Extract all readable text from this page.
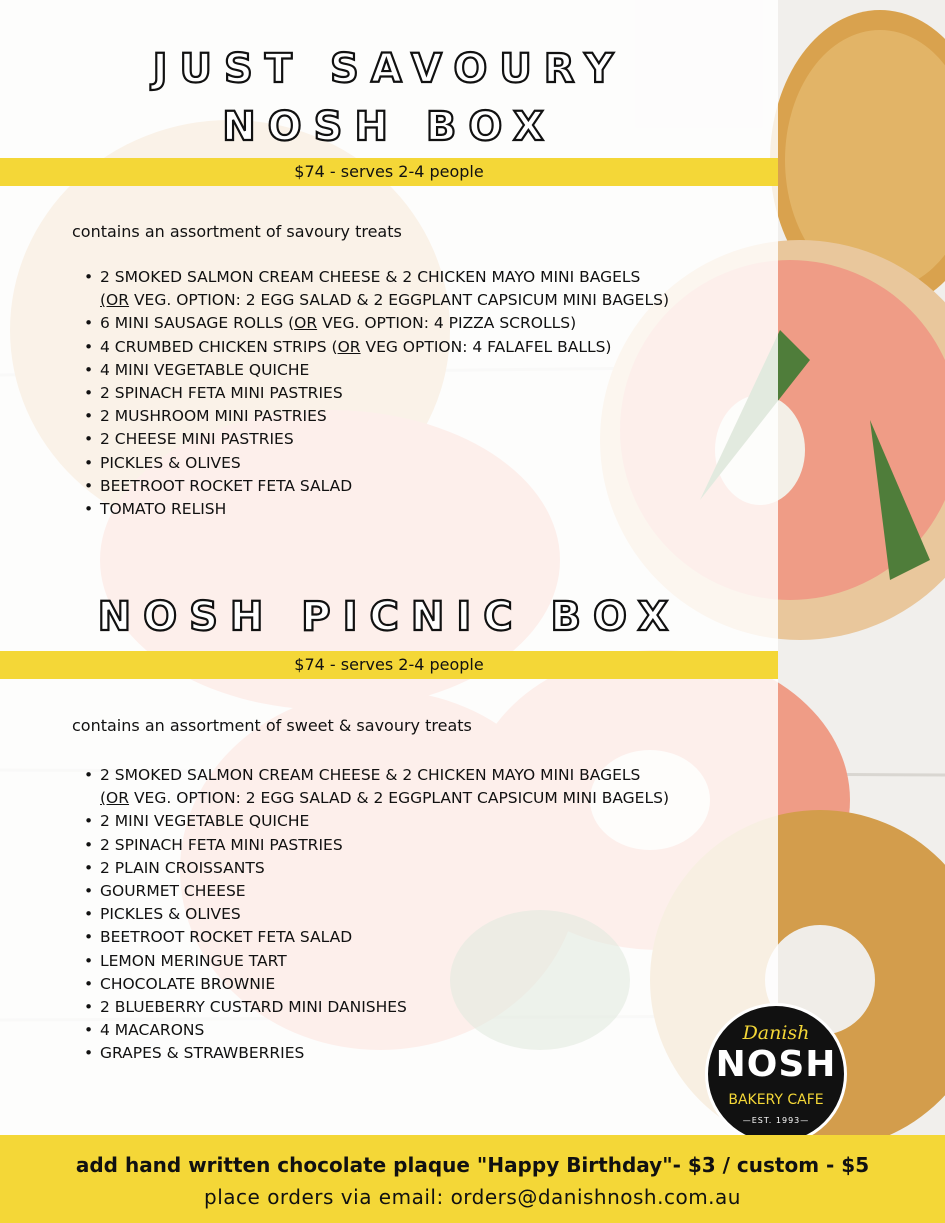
JUST SAVOURY
NOSH BOX
$74 - serves 2-4 people
contains an assortment of savoury treats
• 2 SMOKED SALMON CREAM CHEESE & 2 CHICKEN MAYO MINI BAGELS
(OR VEG. OPTION: 2 EGG SALAD & 2 EGGPLANT CAPSICUM MINI BAGELS)
• 6 MINI SAUSAGE ROLLS (OR VEG. OPTION: 4 PIZZA SCROLLS)
• 4 CRUMBED CHICKEN STRIPS (OR VEG OPTION: 4 FALAFEL BALLS)
• 4 MINI VEGETABLE QUICHE
• 2 SPINACH FETA MINI PASTRIES
• 2 MUSHROOM MINI PASTRIES
• 2 CHEESE MINI PASTRIES
• PICKLES & OLIVES
• BEETROOT ROCKET FETA SALAD
• TOMATO RELISH
NOSH PICNIC BOX
$74 - serves 2-4 people
contains an assortment of sweet & savoury treats
• 2 SMOKED SALMON CREAM CHEESE & 2 CHICKEN MAYO MINI BAGELS
(OR VEG. OPTION: 2 EGG SALAD & 2 EGGPLANT CAPSICUM MINI BAGELS)
• 2 MINI VEGETABLE QUICHE
• 2 SPINACH FETA MINI PASTRIES
• 2 PLAIN CROISSANTS
• GOURMET CHEESE
• PICKLES & OLIVES
• BEETROOT ROCKET FETA SALAD
• LEMON MERINGUE TART
• CHOCOLATE BROWNIE
• 2 BLUEBERRY CUSTARD MINI DANISHES
• 4 MACARONS
• GRAPES & STRAWBERRIES
Danish
NOSH
BAKERY CAFE
—EST. 1993—
add hand written chocolate plaque "Happy Birthday"- $3 / custom - $5
place orders via email: orders@danishnosh.com.au
